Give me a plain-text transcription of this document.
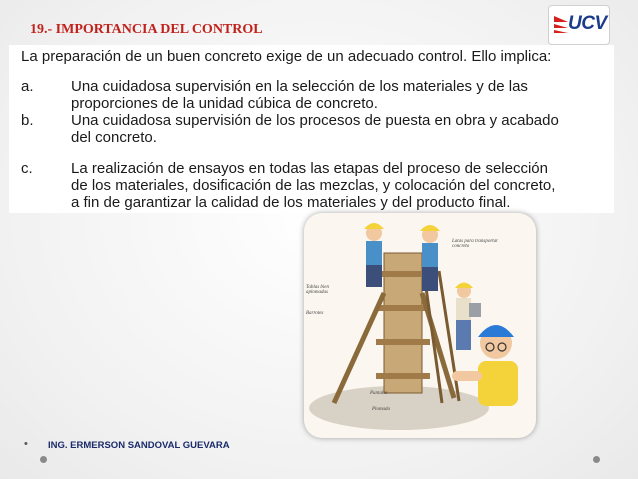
19.- IMPORTANCIA DEL CONTROL	UCV
La preparación de un buen concreto exige de un adecuado control. Ello implica:
a.	Una cuidadosa supervisión en la selección de los materiales y de las
proporciones de la unidad cúbica de concreto.
b.	Una cuidadosa supervisión de los procesos de puesta en obra y acabado
del concreto.
c.	La realización de ensayos en todas las etapas del proceso de selección
de los materiales, dosificación de las mezclas, y colocación del concreto,
a fin de garantizar la calidad de los materiales y del producto final.
Latas para transportar concreto
Tablas bien aplomadas
Barrotes
Puntales
Plomada
• ING. ERMERSON SANDOVAL GUEVARA
